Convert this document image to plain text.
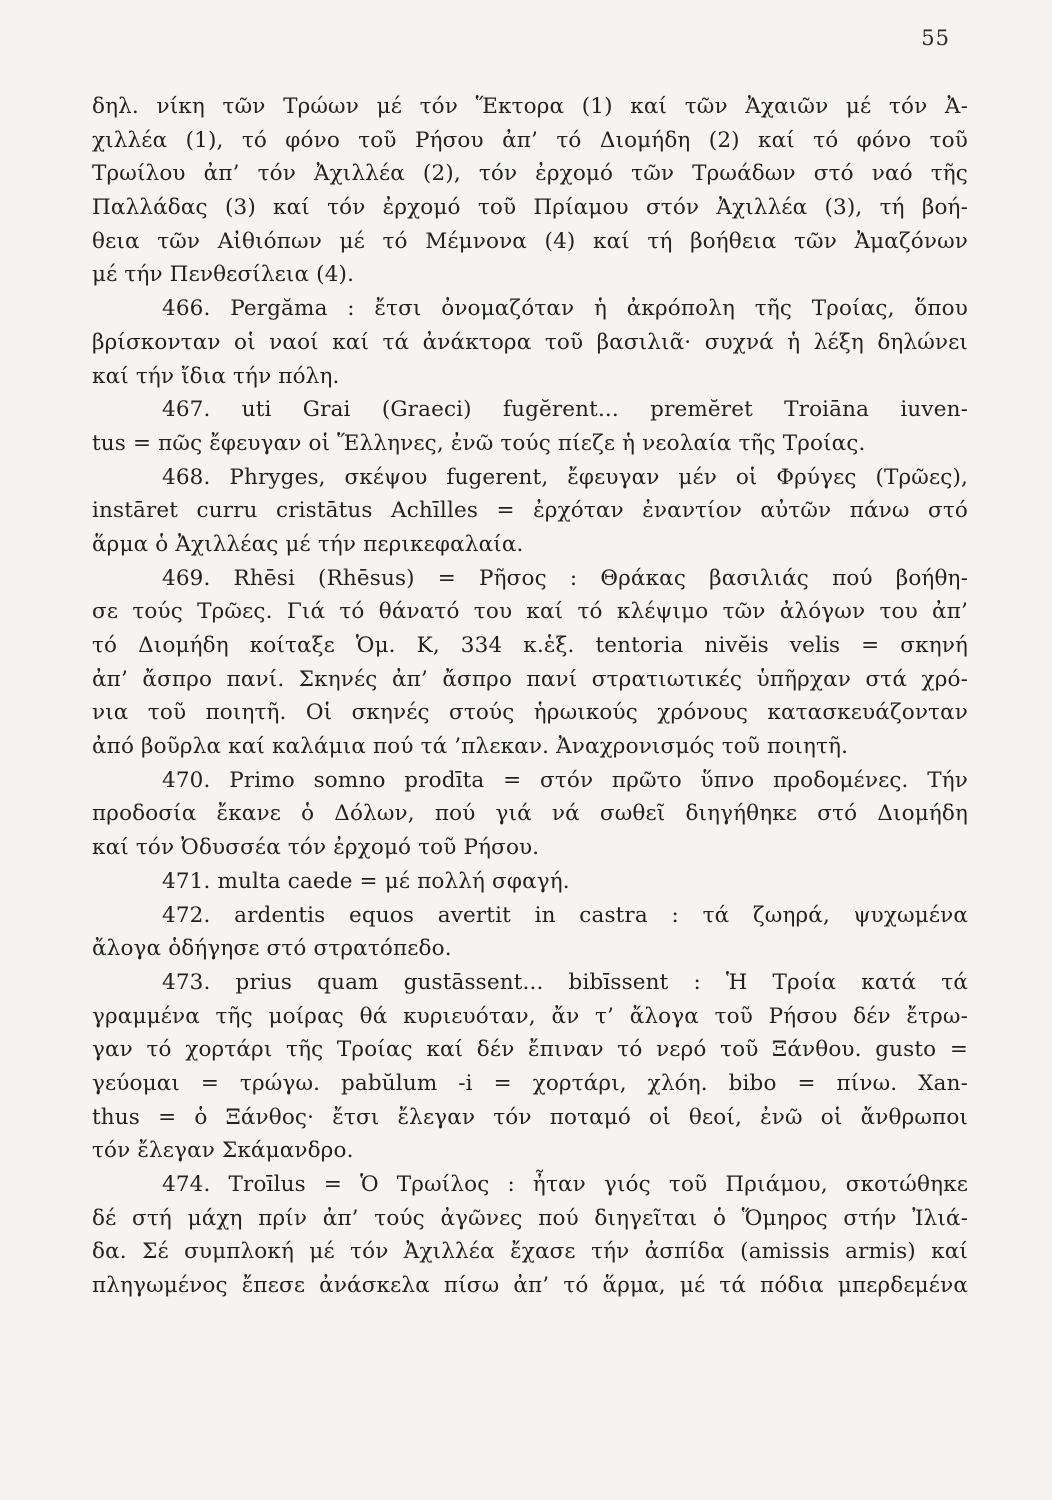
55
δηλ. νίκη τῶν Τρώων μέ τόν Ἕκτορα (1) καί τῶν Ἀχαιῶν μέ τόν Ἀ-
χιλλέα (1), τό φόνο τοῦ Ρήσου ἀπ’ τό Διομήδη (2) καί τό φόνο τοῦ
Τρωίλου ἀπ’ τόν Ἀχιλλέα (2), τόν ἐρχομό τῶν Τρωάδων στό ναό τῆς
Παλλάδας (3) καί τόν ἐρχομό τοῦ Πρίαμου στόν Ἀχιλλέα (3), τή βοή-
θεια τῶν Αἰθιόπων μέ τό Μέμνονα (4) καί τή βοήθεια τῶν Ἀμαζόνων
μέ τήν Πενθεσίλεια (4).
466. Pergăma : ἔτσι ὀνομαζόταν ἡ ἀκρόπολη τῆς Τροίας, ὅπου
βρίσκονταν οἱ ναοί καί τά ἀνάκτορα τοῦ βασιλιᾶ· συχνά ἡ λέξη δηλώνει
καί τήν ἴδια τήν πόλη.
467. uti Grai (Graeci) fugĕrent... premĕret Troiāna iuven-
tus = πῶς ἔφευγαν οἱ Ἕλληνες, ἐνῶ τούς πίεζε ἡ νεολαία τῆς Τροίας.
468. Phryges, σκέψου fugerent, ἔφευγαν μέν οἱ Φρύγες (Τρῶες),
instāret curru cristātus Achīlles = ἐρχόταν ἐναντίον αὐτῶν πάνω στό
ἅρμα ὁ Ἀχιλλέας μέ τήν περικεφαλαία.
469. Rhēsi (Rhēsus) = Ρῆσος : Θράκας βασιλιάς πού βοήθη-
σε τούς Τρῶες. Γιά τό θάνατό του καί τό κλέψιμο τῶν ἀλόγων του ἀπ’
τό Διομήδη κοίταξε Ὁμ. Κ, 334 κ.ἑξ. tentoria nivĕis velis = σκηνή
ἀπ’ ἄσπρο πανί. Σκηνές ἀπ’ ἄσπρο πανί στρατιωτικές ὑπῆρχαν στά χρό-
νια τοῦ ποιητῆ. Οἱ σκηνές στούς ἡρωικούς χρόνους κατασκευάζονταν
ἀπό βοῦρλα καί καλάμια πού τά ’πλεκαν. Ἀναχρονισμός τοῦ ποιητῆ.
470. Primo somno prodīta = στόν πρῶτο ὕπνο προδομένες. Τήν
προδοσία ἔκανε ὁ Δόλων, πού γιά νά σωθεῖ διηγήθηκε στό Διομήδη
καί τόν Ὀδυσσέα τόν ἐρχομό τοῦ Ρήσου.
471. multa caede = μέ πολλή σφαγή.
472. ardentis equos avertit in castra : τά ζωηρά, ψυχωμένα
ἄλογα ὁδήγησε στό στρατόπεδο.
473. prius quam gustāssent... bibīssent : Ἡ Τροία κατά τά
γραμμένα τῆς μοίρας θά κυριευόταν, ἄν τ’ ἄλογα τοῦ Ρήσου δέν ἔτρω-
γαν τό χορτάρι τῆς Τροίας καί δέν ἔπιναν τό νερό τοῦ Ξάνθου. gusto =
γεύομαι = τρώγω. pabŭlum -i = χορτάρι, χλόη. bibo = πίνω. Xan-
thus = ὁ Ξάνθος· ἔτσι ἔλεγαν τόν ποταμό οἱ θεοί, ἐνῶ οἱ ἄνθρωποι
τόν ἔλεγαν Σκάμανδρο.
474. Troīlus = Ὁ Τρωίλος : ἦταν γιός τοῦ Πριάμου, σκοτώθηκε
δέ στή μάχη πρίν ἀπ’ τούς ἀγῶνες πού διηγεῖται ὁ Ὅμηρος στήν Ἰλιά-
δα. Σέ συμπλοκή μέ τόν Ἀχιλλέα ἔχασε τήν ἀσπίδα (amissis armis) καί
πληγωμένος ἔπεσε ἀνάσκελα πίσω ἀπ’ τό ἅρμα, μέ τά πόδια μπερδεμένα
